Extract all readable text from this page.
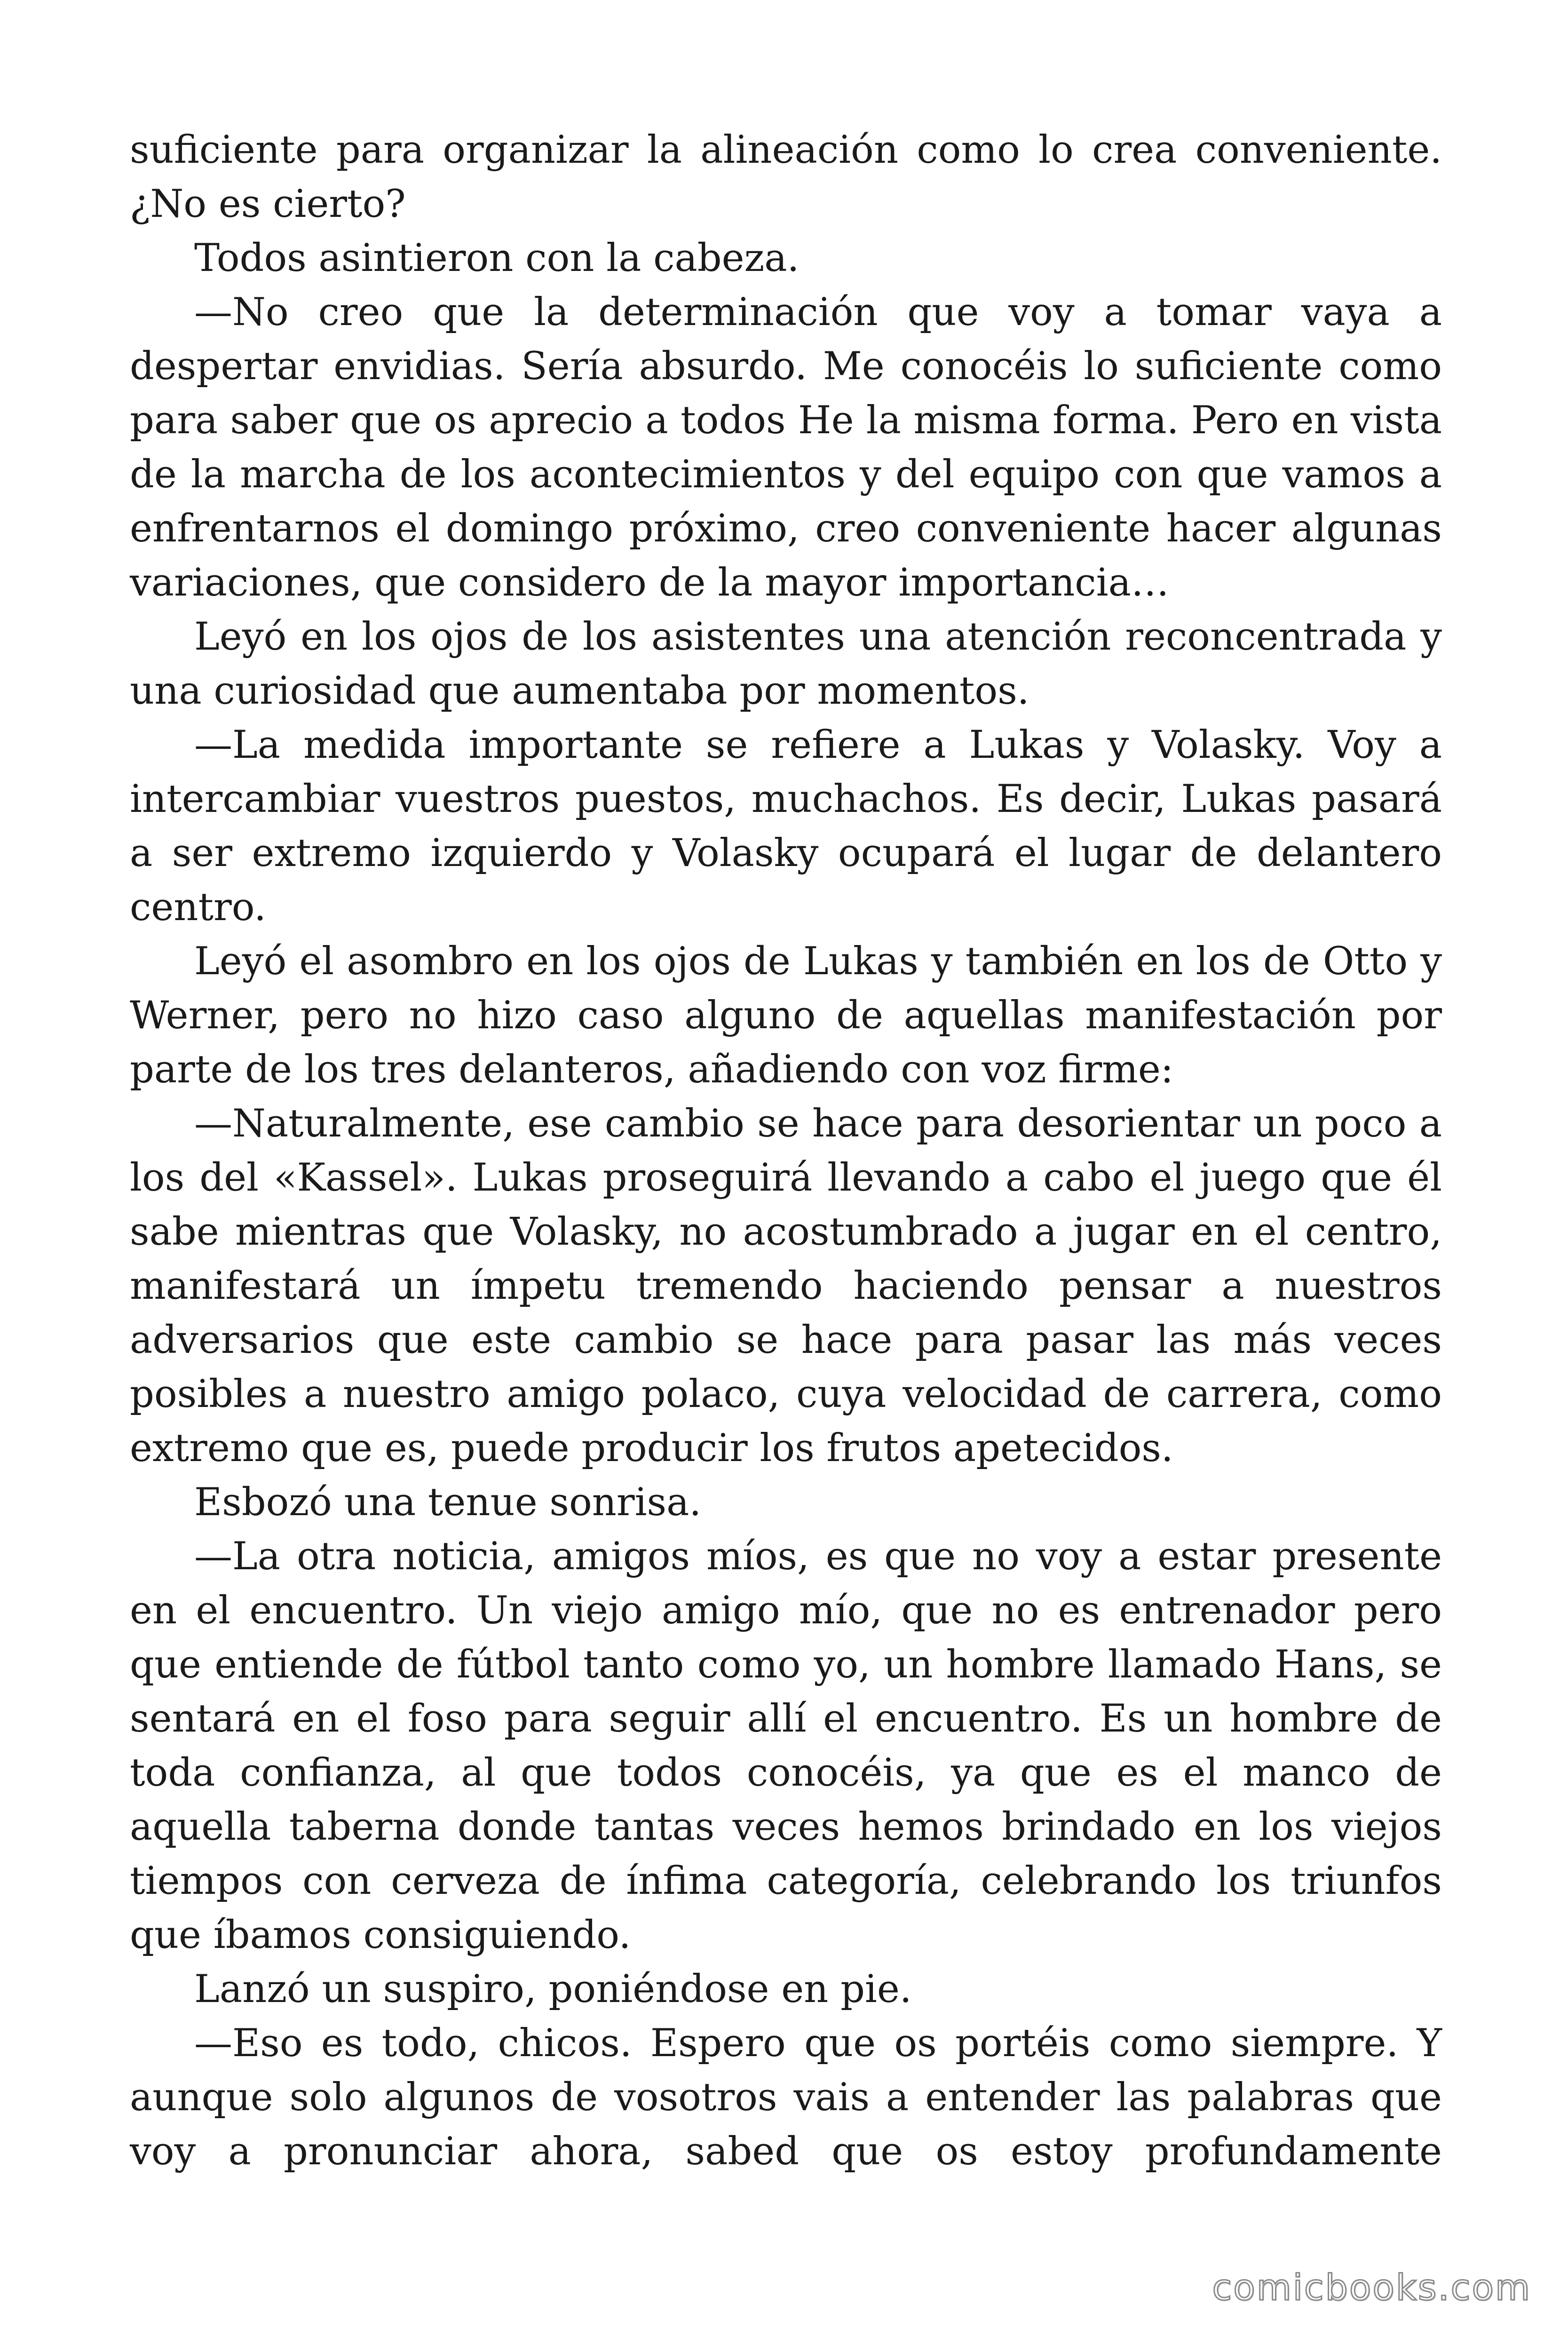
suficiente para organizar la alineación como lo crea conveniente. ¿No es cierto?

Todos asintieron con la cabeza.

—No creo que la determinación que voy a tomar vaya a despertar envidias. Sería absurdo. Me conocéis lo suficiente como para saber que os aprecio a todos He la misma forma. Pero en vista de la marcha de los acontecimientos y del equipo con que vamos a enfrentarnos el domingo próximo, creo conveniente hacer algunas variaciones, que considero de la mayor importancia…

Leyó en los ojos de los asistentes una atención reconcentrada y una curiosidad que aumentaba por momentos.

—La medida importante se refiere a Lukas y Volasky. Voy a intercambiar vuestros puestos, muchachos. Es decir, Lukas pasará a ser extremo izquierdo y Volasky ocupará el lugar de delantero centro.

Leyó el asombro en los ojos de Lukas y también en los de Otto y Werner, pero no hizo caso alguno de aquellas manifestación por parte de los tres delanteros, añadiendo con voz firme:

—Naturalmente, ese cambio se hace para desorientar un poco a los del «Kassel». Lukas proseguirá llevando a cabo el juego que él sabe mientras que Volasky, no acostumbrado a jugar en el centro, manifestará un ímpetu tremendo haciendo pensar a nuestros adversarios que este cambio se hace para pasar las más veces posibles a nuestro amigo polaco, cuya velocidad de carrera, como extremo que es, puede producir los frutos apetecidos.

Esbozó una tenue sonrisa.

—La otra noticia, amigos míos, es que no voy a estar presente en el encuentro. Un viejo amigo mío, que no es entrenador pero que entiende de fútbol tanto como yo, un hombre llamado Hans, se sentará en el foso para seguir allí el encuentro. Es un hombre de toda confianza, al que todos conocéis, ya que es el manco de aquella taberna donde tantas veces hemos brindado en los viejos tiempos con cerveza de ínfima categoría, celebrando los triunfos que íbamos consiguiendo.

Lanzó un suspiro, poniéndose en pie.

—Eso es todo, chicos. Espero que os portéis como siempre. Y aunque solo algunos de vosotros vais a entender las palabras que voy a pronunciar ahora, sabed que os estoy profundamente

comicbooks.com
